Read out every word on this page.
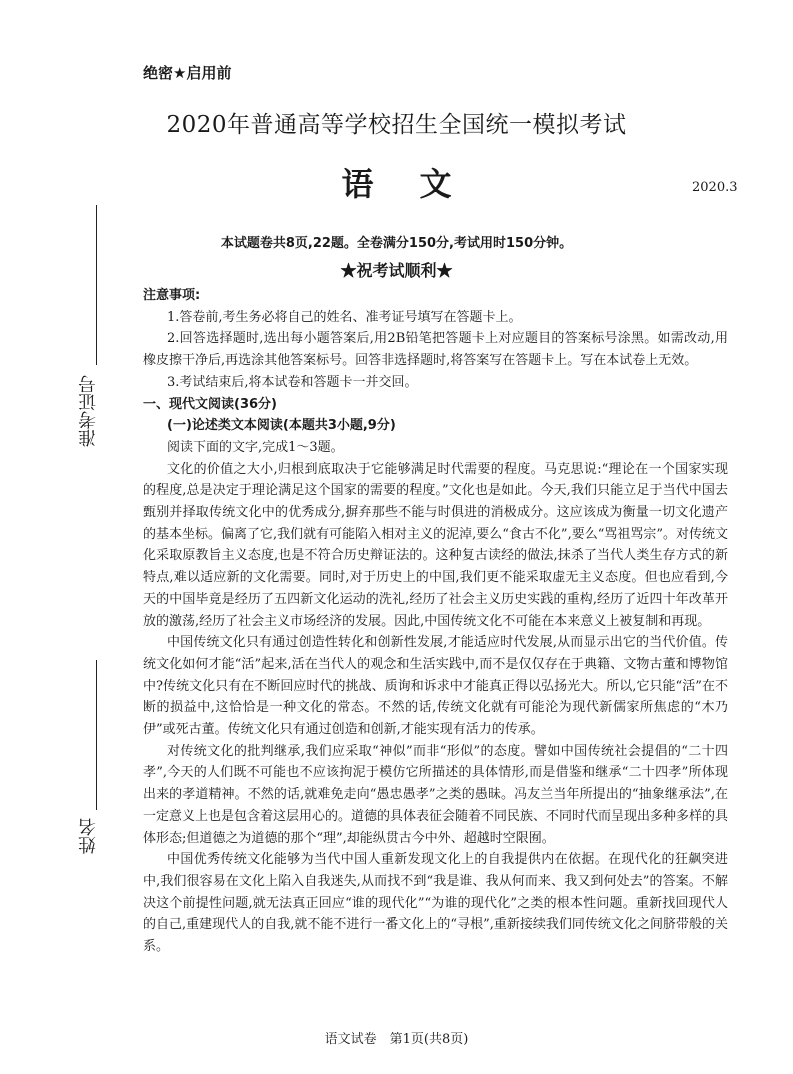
绝密★启用前
2020年普通高等学校招生全国统一模拟考试
语文	2020.3
本试题卷共8页,22题。全卷满分150分,考试用时150分钟。
★祝考试顺利★
准考证号
姓名

注意事项:

1.答卷前,考生务必将自己的姓名、准考证号填写在答题卡上。

2.回答选择题时,选出每小题答案后,用2B铅笔把答题卡上对应题目的答案标号涂黑。如需改动,用橡皮擦干净后,再选涂其他答案标号。回答非选择题时,将答案写在答题卡上。写在本试卷上无效。

3.考试结束后,将本试卷和答题卡一并交回。

一、现代文阅读(36分)

(一)论述类文本阅读(本题共3小题,9分)

阅读下面的文字,完成1～3题。

文化的价值之大小,归根到底取决于它能够满足时代需要的程度。马克思说:“理论在一个国家实现的程度,总是决定于理论满足这个国家的需要的程度。”文化也是如此。今天,我们只能立足于当代中国去甄别并择取传统文化中的优秀成分,摒弃那些不能与时俱进的消极成分。这应该成为衡量一切文化遗产的基本坐标。偏离了它,我们就有可能陷入相对主义的泥淖,要么“食古不化”,要么“骂祖骂宗”。对传统文化采取原教旨主义态度,也是不符合历史辩证法的。这种复古读经的做法,抹杀了当代人类生存方式的新特点,难以适应新的文化需要。同时,对于历史上的中国,我们更不能采取虚无主义态度。但也应看到,今天的中国毕竟是经历了五四新文化运动的洗礼,经历了社会主义历史实践的重构,经历了近四十年改革开放的激荡,经历了社会主义市场经济的发展。因此,中国传统文化不可能在本来意义上被复制和再现。

中国传统文化只有通过创造性转化和创新性发展,才能适应时代发展,从而显示出它的当代价值。传统文化如何才能“活”起来,活在当代人的观念和生活实践中,而不是仅仅存在于典籍、文物古董和博物馆中?传统文化只有在不断回应时代的挑战、质询和诉求中才能真正得以弘扬光大。所以,它只能“活”在不断的损益中,这恰恰是一种文化的常态。不然的话,传统文化就有可能沦为现代新儒家所焦虑的“木乃伊”或死古董。传统文化只有通过创造和创新,才能实现有活力的传承。

对传统文化的批判继承,我们应采取“神似”而非“形似”的态度。譬如中国传统社会提倡的“二十四孝”,今天的人们既不可能也不应该拘泥于模仿它所描述的具体情形,而是借鉴和继承“二十四孝”所体现出来的孝道精神。不然的话,就难免走向“愚忠愚孝”之类的愚昧。冯友兰当年所提出的“抽象继承法”,在一定意义上也是包含着这层用心的。道德的具体表征会随着不同民族、不同时代而呈现出多种多样的具体形态;但道德之为道德的那个“理”,却能纵贯古今中外、超越时空限囿。

中国优秀传统文化能够为当代中国人重新发现文化上的自我提供内在依据。在现代化的狂飙突进中,我们很容易在文化上陷入自我迷失,从而找不到“我是谁、我从何而来、我又到何处去”的答案。不解决这个前提性问题,就无法真正回应“谁的现代化”“为谁的现代化”之类的根本性问题。重新找回现代人的自己,重建现代人的自我,就不能不进行一番文化上的“寻根”,重新接续我们同传统文化之间脐带般的关系。

语文试卷　第1页(共8页)
